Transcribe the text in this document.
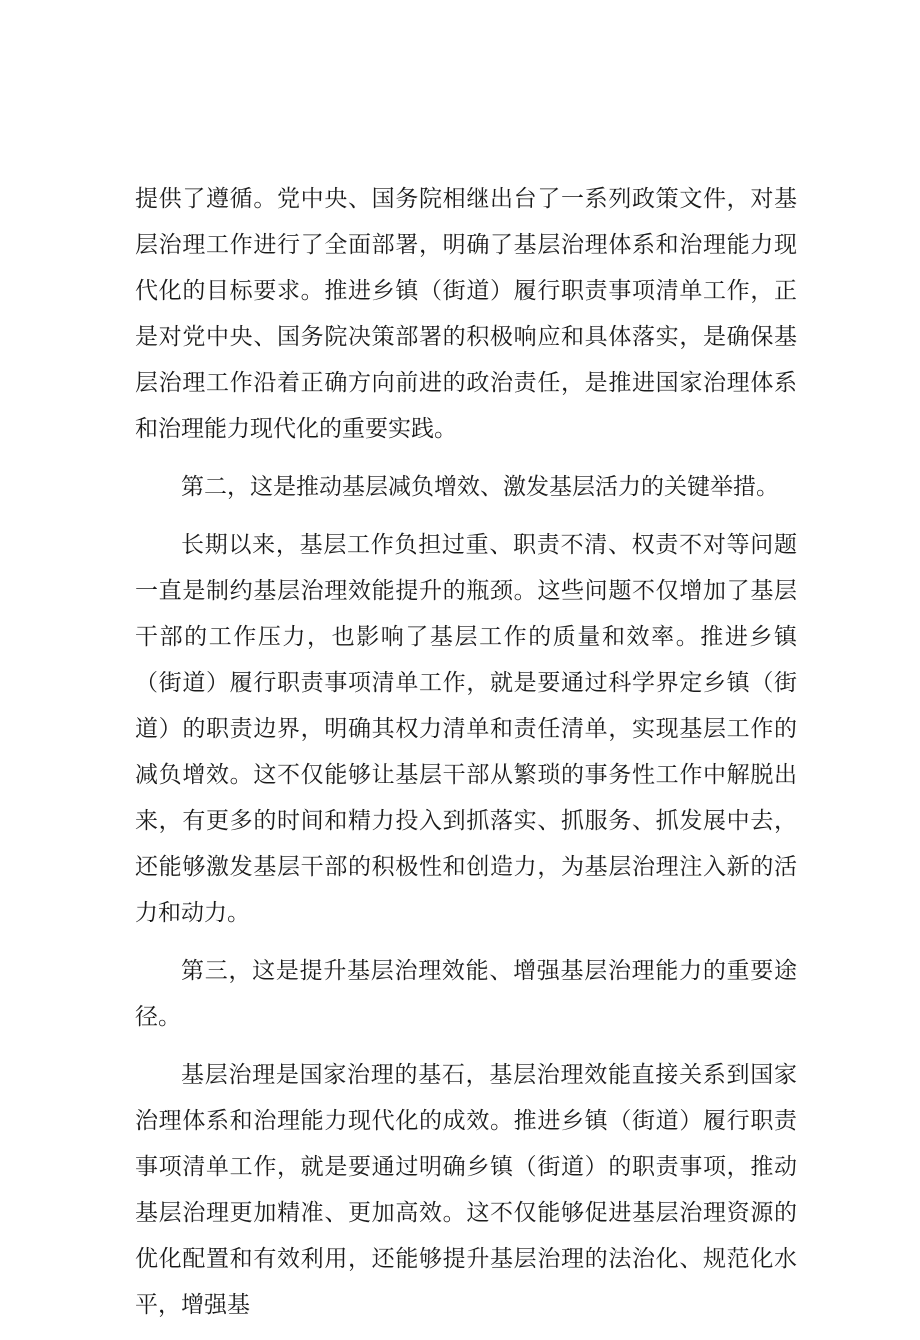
提供了遵循。党中央、国务院相继出台了一系列政策文件，对基层治理工作进行了全面部署，明确了基层治理体系和治理能力现代化的目标要求。推进乡镇（街道）履行职责事项清单工作，正是对党中央、国务院决策部署的积极响应和具体落实，是确保基层治理工作沿着正确方向前进的政治责任，是推进国家治理体系和治理能力现代化的重要实践。

第二，这是推动基层减负增效、激发基层活力的关键举措。

长期以来，基层工作负担过重、职责不清、权责不对等问题一直是制约基层治理效能提升的瓶颈。这些问题不仅增加了基层干部的工作压力，也影响了基层工作的质量和效率。推进乡镇（街道）履行职责事项清单工作，就是要通过科学界定乡镇（街道）的职责边界，明确其权力清单和责任清单，实现基层工作的减负增效。这不仅能够让基层干部从繁琐的事务性工作中解脱出来，有更多的时间和精力投入到抓落实、抓服务、抓发展中去，还能够激发基层干部的积极性和创造力，为基层治理注入新的活力和动力。

第三，这是提升基层治理效能、增强基层治理能力的重要途径。

基层治理是国家治理的基石，基层治理效能直接关系到国家治理体系和治理能力现代化的成效。推进乡镇（街道）履行职责事项清单工作，就是要通过明确乡镇（街道）的职责事项，推动基层治理更加精准、更加高效。这不仅能够促进基层治理资源的优化配置和有效利用，还能够提升基层治理的法治化、规范化水平，增强基
